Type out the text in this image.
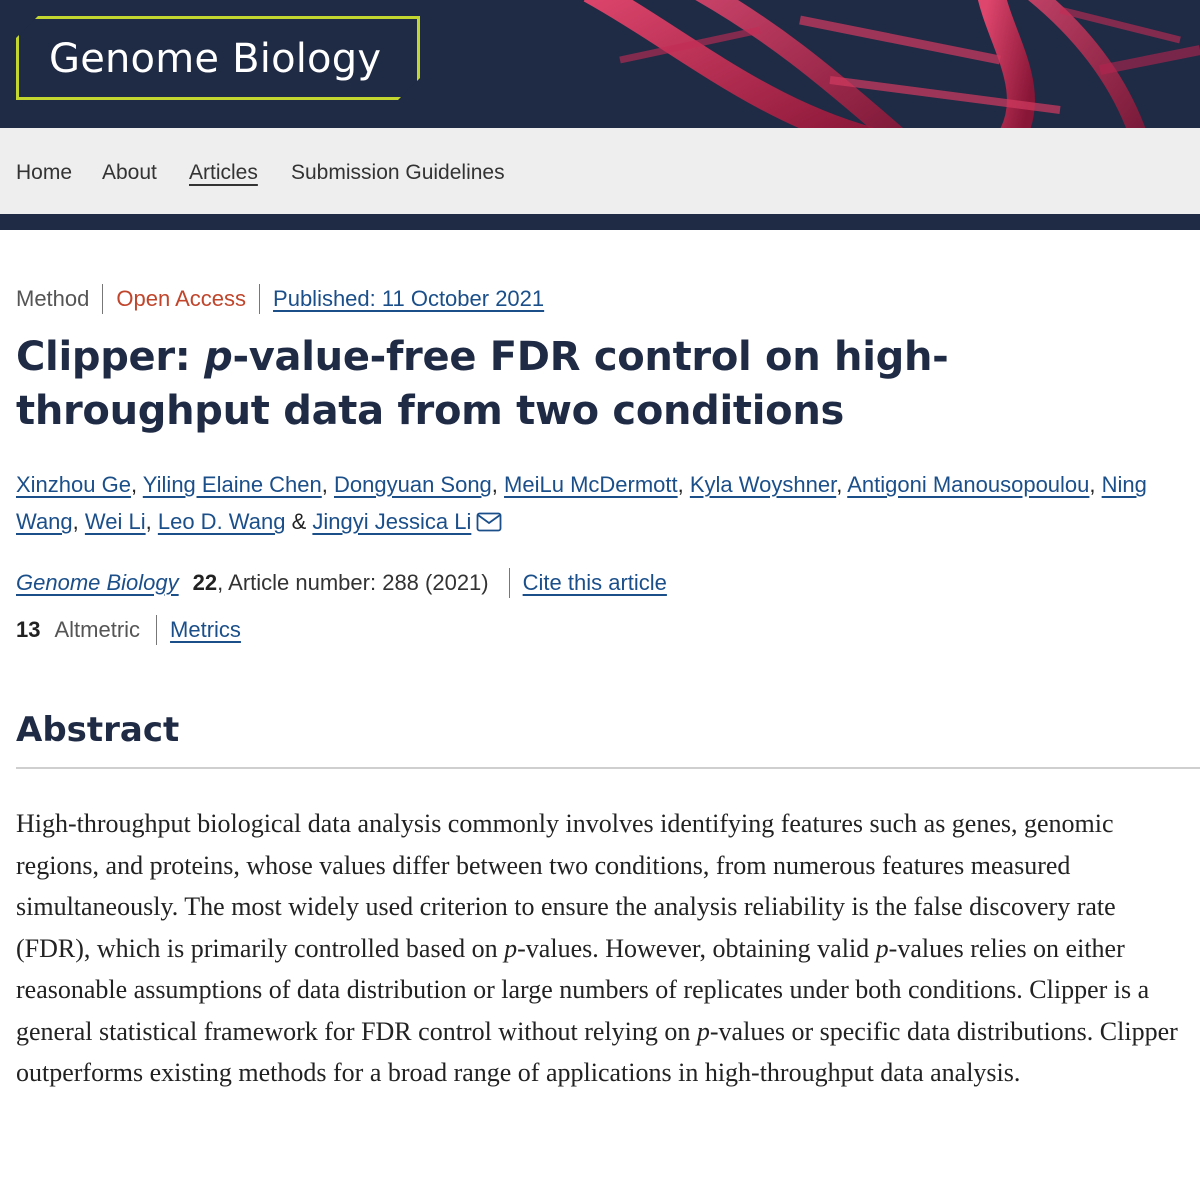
Genome Biology
Home About Articles Submission Guidelines
Method Open Access Published: 11 October 2021
Clipper: p-value-free FDR control on high-throughput data from two conditions
Xinzhou Ge, Yiling Elaine Chen, Dongyuan Song, MeiLu McDermott, Kyla Woyshner, Antigoni Manousopoulou, Ning Wang, Wei Li, Leo D. Wang & Jingyi Jessica Li
Genome Biology 22 , Article number: 288 (2021) Cite this article
13 Altmetric Metrics
Abstract

High-throughput biological data analysis commonly involves identifying features such as genes, genomic regions, and proteins, whose values differ between two conditions, from numerous features measured simultaneously. The most widely used criterion to ensure the analysis reliability is the false discovery rate (FDR), which is primarily controlled based on p-values. However, obtaining valid p-values relies on either reasonable assumptions of data distribution or large numbers of replicates under both conditions. Clipper is a general statistical framework for FDR control without relying on p-values or specific data distributions. Clipper outperforms existing methods for a broad range of applications in high-throughput data analysis.
